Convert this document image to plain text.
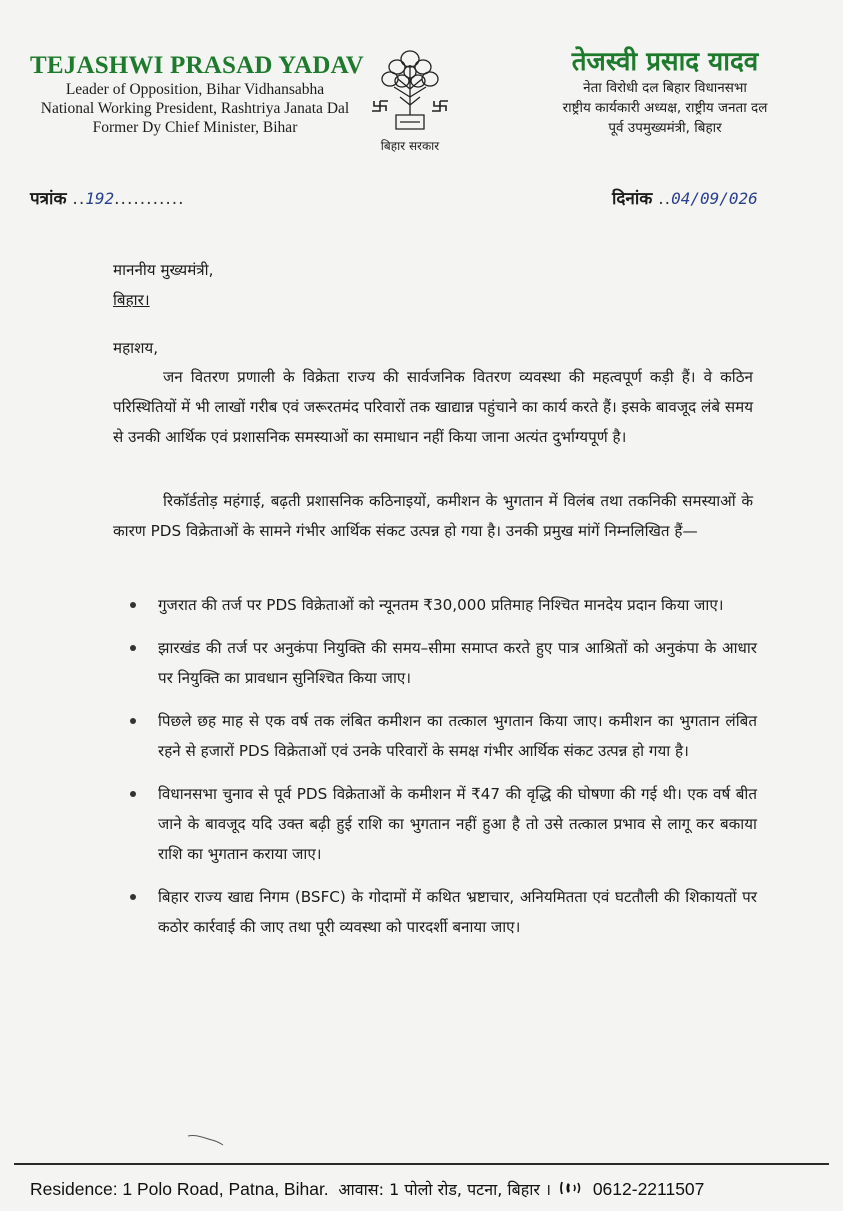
TEJASHWI PRASAD YADAV
Leader of Opposition, Bihar Vidhansabha
National Working President, Rashtriya Janata Dal
Former Dy Chief Minister, Bihar
बिहार सरकार
तेजस्वी प्रसाद यादव
नेता विरोधी दल बिहार विधानसभा
राष्ट्रीय कार्यकारी अध्यक्ष, राष्ट्रीय जनता दल
पूर्व उपमुख्यमंत्री, बिहार
पत्रांक ..192...........	दिनांक ..04/09/026
माननीय मुख्यमंत्री,
बिहार।
महाशय,
जन वितरण प्रणाली के विक्रेता राज्य की सार्वजनिक वितरण व्यवस्था की महत्वपूर्ण कड़ी हैं। वे कठिन परिस्थितियों में भी लाखों गरीब एवं जरूरतमंद परिवारों तक खाद्यान्न पहुंचाने का कार्य करते हैं। इसके बावजूद लंबे समय से उनकी आर्थिक एवं प्रशासनिक समस्याओं का समाधान नहीं किया जाना अत्यंत दुर्भाग्यपूर्ण है।
रिकॉर्डतोड़ महंगाई, बढ़ती प्रशासनिक कठिनाइयों, कमीशन के भुगतान में विलंब तथा तकनिकी समस्याओं के कारण PDS विक्रेताओं के सामने गंभीर आर्थिक संकट उत्पन्न हो गया है। उनकी प्रमुख मांगें निम्नलिखित हैं—
गुजरात की तर्ज पर PDS विक्रेताओं को न्यूनतम ₹30,000 प्रतिमाह निश्चित मानदेय प्रदान किया जाए।
झारखंड की तर्ज पर अनुकंपा नियुक्ति की समय–सीमा समाप्त करते हुए पात्र आश्रितों को अनुकंपा के आधार पर नियुक्ति का प्रावधान सुनिश्चित किया जाए।
पिछले छह माह से एक वर्ष तक लंबित कमीशन का तत्काल भुगतान किया जाए। कमीशन का भुगतान लंबित रहने से हजारों PDS विक्रेताओं एवं उनके परिवारों के समक्ष गंभीर आर्थिक संकट उत्पन्न हो गया है।
विधानसभा चुनाव से पूर्व PDS विक्रेताओं के कमीशन में ₹47 की वृद्धि की घोषणा की गई थी। एक वर्ष बीत जाने के बावजूद यदि उक्त बढ़ी हुई राशि का भुगतान नहीं हुआ है तो उसे तत्काल प्रभाव से लागू कर बकाया राशि का भुगतान कराया जाए।
बिहार राज्य खाद्य निगम (BSFC) के गोदामों में कथित भ्रष्टाचार, अनियमितता एवं घटतौली की शिकायतों पर कठोर कार्रवाई की जाए तथा पूरी व्यवस्था को पारदर्शी बनाया जाए।
Residence: 1 Polo Road, Patna, Bihar. आवास: 1 पोलो रोड, पटना, बिहार । 0612-2211507
